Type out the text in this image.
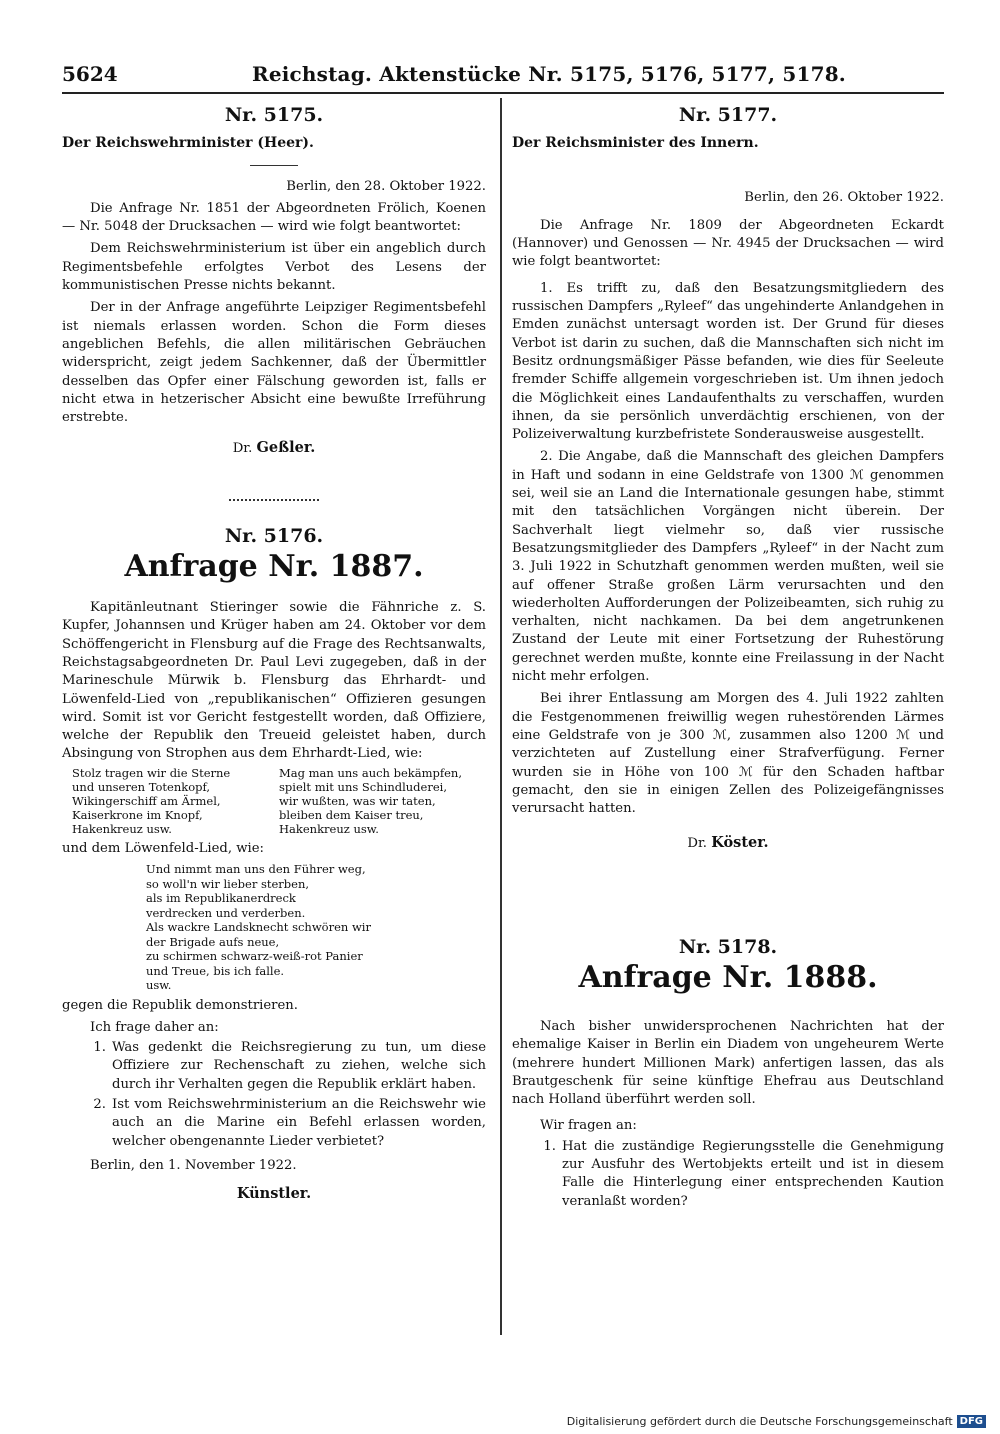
5624	Reichstag. Aktenstücke Nr. 5175, 5176, 5177, 5178.
Nr. 5175.
Der Reichswehrminister (Heer).
Berlin, den 28. Oktober 1922.

Die Anfrage Nr. 1851 der Abgeordneten Frölich, Koenen — Nr. 5048 der Drucksachen — wird wie folgt beantwortet:

Dem Reichswehrministerium ist über ein angeblich durch Regimentsbefehle erfolgtes Verbot des Lesens der kommunistischen Presse nichts bekannt.

Der in der Anfrage angeführte Leipziger Regimentsbefehl ist niemals erlassen worden. Schon die Form dieses angeblichen Befehls, die allen militärischen Gebräuchen widerspricht, zeigt jedem Sachkenner, daß der Übermittler desselben das Opfer einer Fälschung geworden ist, falls er nicht etwa in hetzerischer Absicht eine bewußte Irreführung erstrebte.

Dr. Geßler.
Nr. 5176.
Anfrage Nr. 1887.

Kapitänleutnant Stieringer sowie die Fähnriche z. S. Kupfer, Johannsen und Krüger haben am 24. Oktober vor dem Schöffengericht in Flensburg auf die Frage des Rechtsanwalts, Reichstagsabgeordneten Dr. Paul Levi zugegeben, daß in der Marineschule Mürwik b. Flensburg das Ehrhardt- und Löwenfeld-Lied von „republikanischen“ Offizieren gesungen wird. Somit ist vor Gericht festgestellt worden, daß Offiziere, welche der Republik den Treueid geleistet haben, durch Absingung von Strophen aus dem Ehrhardt-Lied, wie:

Stolz tragen wir die Sterne

und unseren Totenkopf,

Wikingerschiff am Ärmel,

Kaiserkrone im Knopf,

Hakenkreuz usw.

Mag man uns auch bekämpfen,

spielt mit uns Schindluderei,

wir wußten, was wir taten,

bleiben dem Kaiser treu,

Hakenkreuz usw.

und dem Löwenfeld-Lied, wie:

Und nimmt man uns den Führer weg,

so woll'n wir lieber sterben,

als im Republikanerdreck

verdrecken und verderben.

Als wackre Landsknecht schwören wir

der Brigade aufs neue,

zu schirmen schwarz-weiß-rot Panier

und Treue, bis ich falle.

usw.

gegen die Republik demonstrieren.

Ich frage daher an:

1. Was gedenkt die Reichsregierung zu tun, um diese Offiziere zur Rechenschaft zu ziehen, welche sich durch ihr Verhalten gegen die Republik erklärt haben.
2. Ist vom Reichswehrministerium an die Reichswehr wie auch an die Marine ein Befehl erlassen worden, welcher obengenannte Lieder verbietet?

Berlin, den 1. November 1922.

Künstler.
Nr. 5177.
Der Reichsminister des Innern.
Berlin, den 26. Oktober 1922.

Die Anfrage Nr. 1809 der Abgeordneten Eckardt (Hannover) und Genossen — Nr. 4945 der Drucksachen — wird wie folgt beantwortet:

1. Es trifft zu, daß den Besatzungsmitgliedern des russischen Dampfers „Ryleef“ das ungehinderte Anlandgehen in Emden zunächst untersagt worden ist. Der Grund für dieses Verbot ist darin zu suchen, daß die Mannschaften sich nicht im Besitz ordnungsmäßiger Pässe befanden, wie dies für Seeleute fremder Schiffe allgemein vorgeschrieben ist. Um ihnen jedoch die Möglichkeit eines Landaufenthalts zu verschaffen, wurden ihnen, da sie persönlich unverdächtig erschienen, von der Polizeiverwaltung kurzbefristete Sonderausweise ausgestellt.

2. Die Angabe, daß die Mannschaft des gleichen Dampfers in Haft und sodann in eine Geldstrafe von 1300 ℳ genommen sei, weil sie an Land die Internationale gesungen habe, stimmt mit den tatsächlichen Vorgängen nicht überein. Der Sachverhalt liegt vielmehr so, daß vier russische Besatzungsmitglieder des Dampfers „Ryleef“ in der Nacht zum 3. Juli 1922 in Schutzhaft genommen werden mußten, weil sie auf offener Straße großen Lärm verursachten und den wiederholten Aufforderungen der Polizeibeamten, sich ruhig zu verhalten, nicht nachkamen. Da bei dem angetrunkenen Zustand der Leute mit einer Fortsetzung der Ruhestörung gerechnet werden mußte, konnte eine Freilassung in der Nacht nicht mehr erfolgen.

Bei ihrer Entlassung am Morgen des 4. Juli 1922 zahlten die Festgenommenen freiwillig wegen ruhestörenden Lärmes eine Geldstrafe von je 300 ℳ, zusammen also 1200 ℳ und verzichteten auf Zustellung einer Strafverfügung. Ferner wurden sie in Höhe von 100 ℳ für den Schaden haftbar gemacht, den sie in einigen Zellen des Polizeigefängnisses verursacht hatten.

Dr. Köster.
Nr. 5178.
Anfrage Nr. 1888.

Nach bisher unwidersprochenen Nachrichten hat der ehemalige Kaiser in Berlin ein Diadem von ungeheurem Werte (mehrere hundert Millionen Mark) anfertigen lassen, das als Brautgeschenk für seine künftige Ehefrau aus Deutschland nach Holland überführt werden soll.

Wir fragen an:

1. Hat die zuständige Regierungsstelle die Genehmigung zur Ausfuhr des Wertobjekts erteilt und ist in diesem Falle die Hinterlegung einer entsprechenden Kaution veranlaßt worden?
Digitalisierung gefördert durch die Deutsche Forschungsgemeinschaft DFG
